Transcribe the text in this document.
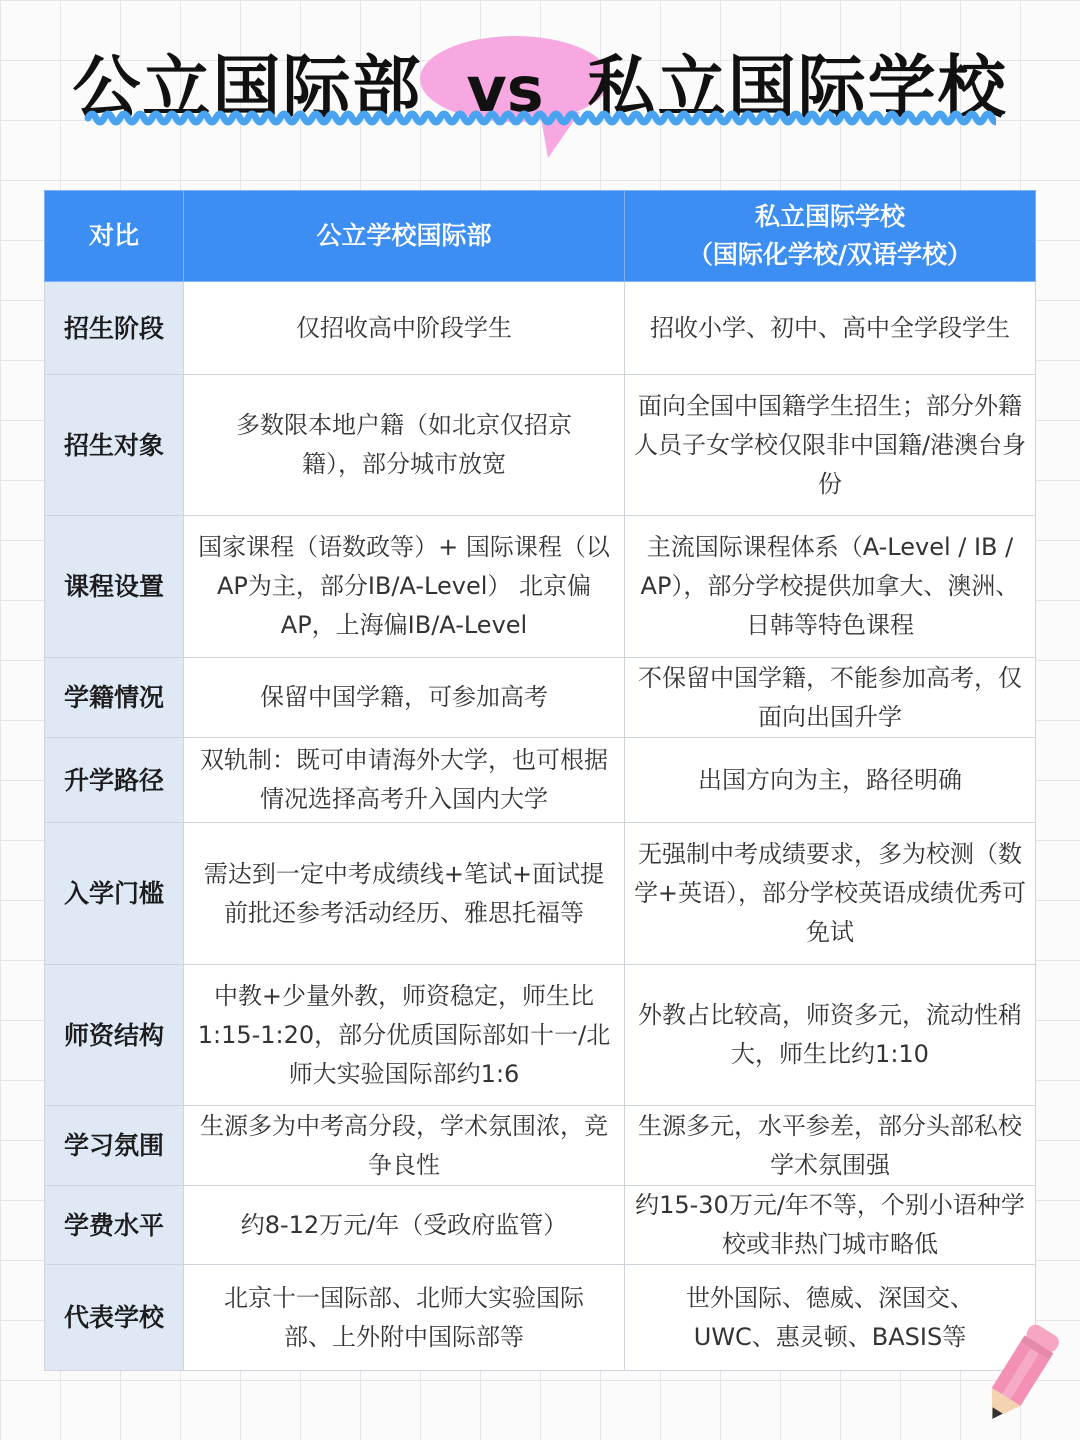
公立国际部 vs 私立国际学校
对比	公立学校国际部	私立国际学校
（国际化学校/双语学校）

招生阶段	仅招收高中阶段学生	招收小学、初中、高中全学段学生
招生对象	多数限本地户籍（如北京仅招京籍），部分城市放宽	面向全国中国籍学生招生；部分外籍人员子女学校仅限非中国籍/港澳台身份
课程设置	国家课程（语数政等）+ 国际课程（以AP为主，部分IB/A-Level） 北京偏AP，上海偏IB/A-Level	主流国际课程体系（A-Level / IB / AP），部分学校提供加拿大、澳洲、日韩等特色课程
学籍情况	保留中国学籍，可参加高考	不保留中国学籍，不能参加高考，仅面向出国升学
升学路径	双轨制：既可申请海外大学，也可根据情况选择高考升入国内大学	出国方向为主，路径明确
入学门槛	需达到一定中考成绩线+笔试+面试提前批还参考活动经历、雅思托福等	无强制中考成绩要求，多为校测（数学+英语），部分学校英语成绩优秀可免试
师资结构	中教+少量外教，师资稳定，师生比1:15-1:20，部分优质国际部如十一/北师大实验国际部约1:6	外教占比较高，师资多元，流动性稍大，师生比约1:10
学习氛围	生源多为中考高分段，学术氛围浓，竞争良性	生源多元，水平参差，部分头部私校学术氛围强
学费水平	约8-12万元/年（受政府监管）	约15-30万元/年不等，个别小语种学校或非热门城市略低
代表学校	北京十一国际部、北师大实验国际部、上外附中国际部等	世外国际、德威、深国交、UWC、惠灵顿、BASIS等
